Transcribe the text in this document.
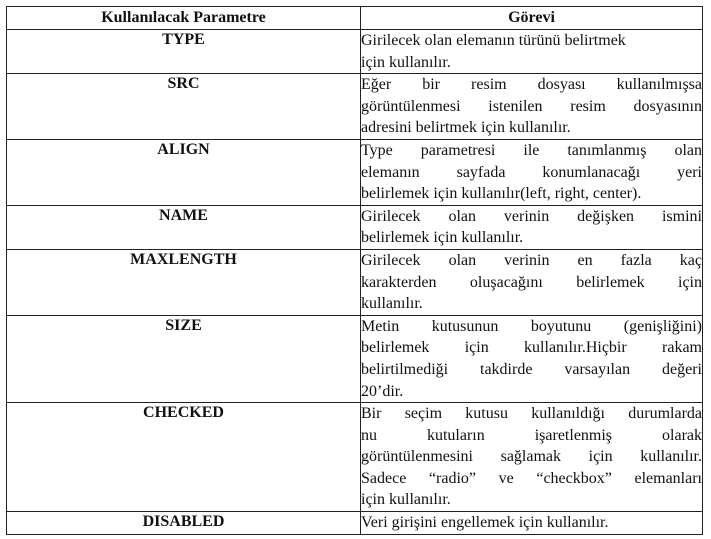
Kullanılacak Parametre	Görevi
TYPE	Girilecek olan elemanın türünü belirtmek
için kullanılır.

SRC	Eğer bir resim dosyası kullanılmışsa
görüntülenmesi istenilen resim dosyasının
adresini belirtmek için kullanılır.

ALIGN	Type parametresi ile tanımlanmış olan
elemanın sayfada konumlanacağı yeri
belirlemek için kullanılır(left, right, center).

NAME	Girilecek olan verinin değişken ismini
belirlemek için kullanılır.

MAXLENGTH	Girilecek olan verinin en fazla kaç
karakterden oluşacağını belirlemek için
kullanılır.

SIZE	Metin kutusunun boyutunu (genişliğini)
belirlemek için kullanılır.Hiçbir rakam
belirtilmediği takdirde varsayılan değeri
20’dir.

CHECKED	Bir seçim kutusu kullanıldığı durumlarda
nu kutuların işaretlenmiş olarak
görüntülenmesini sağlamak için kullanılır.
Sadece “radio” ve “checkbox” elemanları
için kullanılır.

DISABLED	Veri girişini engellemek için kullanılır.
